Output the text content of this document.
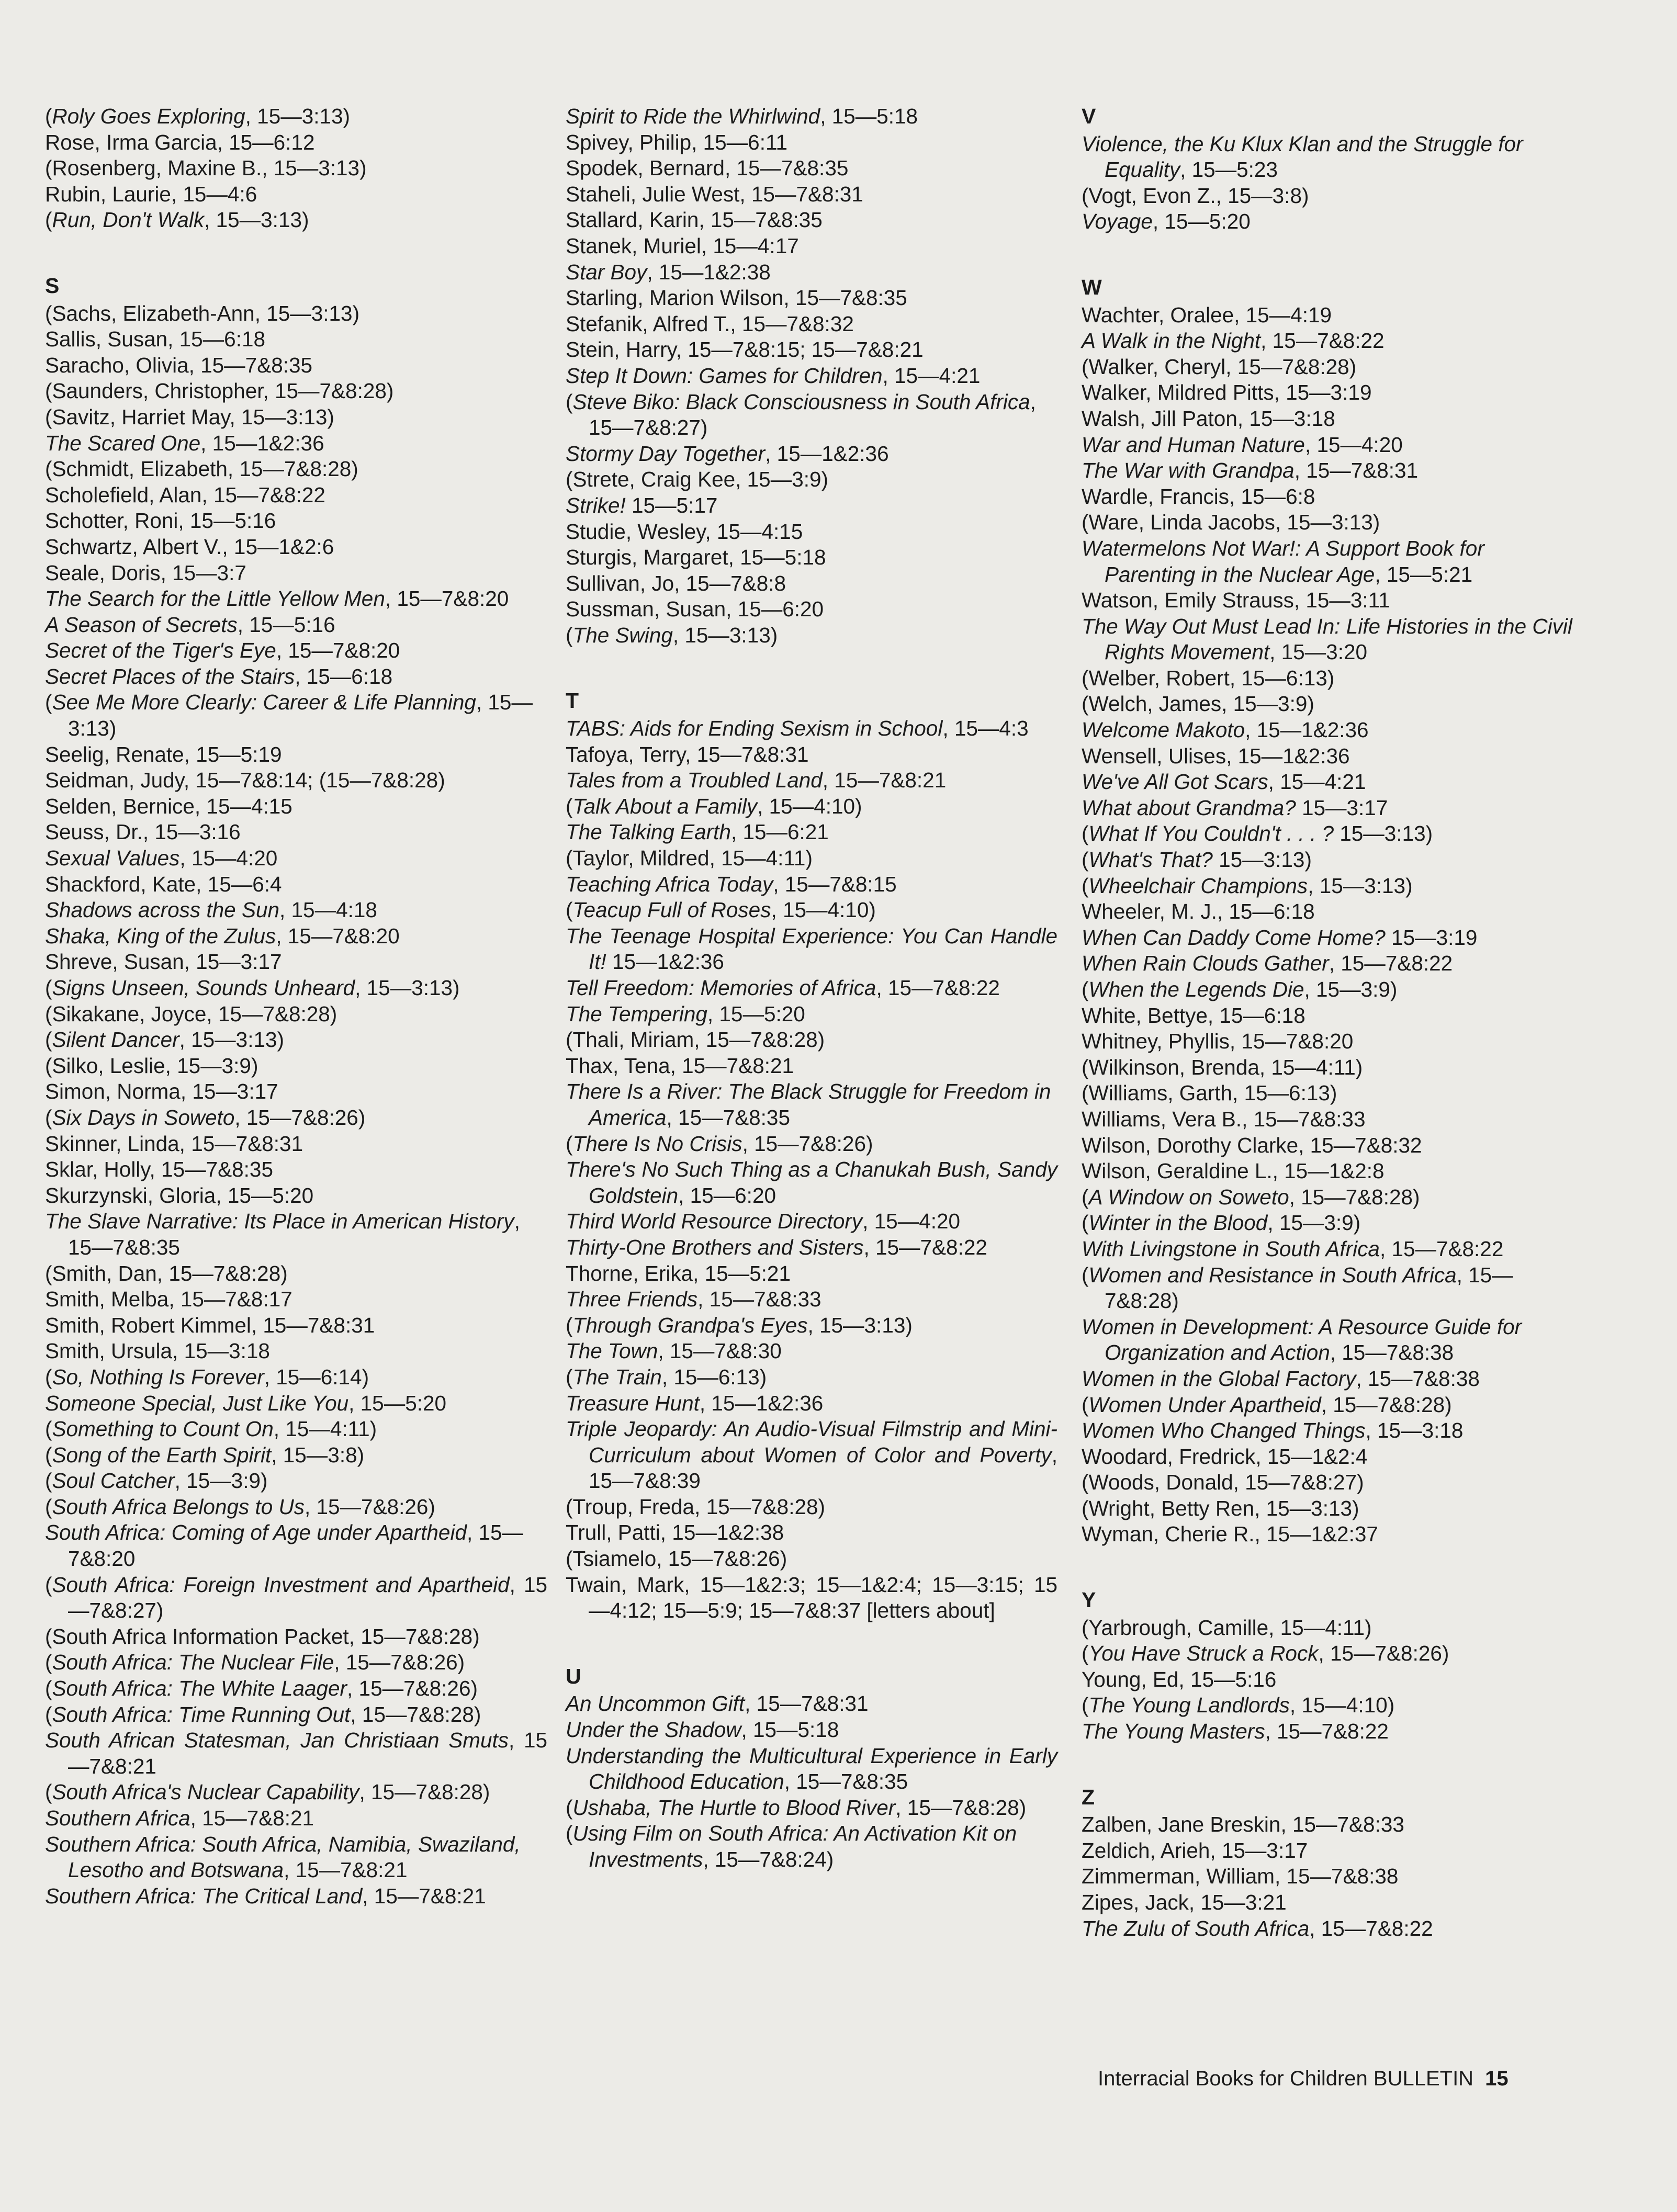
(Roly Goes Exploring, 15—3:13)
Rose, Irma Garcia, 15—6:12
(Rosenberg, Maxine B., 15—3:13)
Rubin, Laurie, 15—4:6
(Run, Don't Walk, 15—3:13)
S
(Sachs, Elizabeth-Ann, 15—3:13)
Sallis, Susan, 15—6:18
Saracho, Olivia, 15—7&8:35
(Saunders, Christopher, 15—7&8:28)
(Savitz, Harriet May, 15—3:13)
The Scared One, 15—1&2:36
(Schmidt, Elizabeth, 15—7&8:28)
Scholefield, Alan, 15—7&8:22
Schotter, Roni, 15—5:16
Schwartz, Albert V., 15—1&2:6
Seale, Doris, 15—3:7
The Search for the Little Yellow Men, 15—7&8:20
A Season of Secrets, 15—5:16
Secret of the Tiger's Eye, 15—7&8:20
Secret Places of the Stairs, 15—6:18
(See Me More Clearly: Career & Life Planning, 15—3:13)
Seelig, Renate, 15—5:19
Seidman, Judy, 15—7&8:14; (15—7&8:28)
Selden, Bernice, 15—4:15
Seuss, Dr., 15—3:16
Sexual Values, 15—4:20
Shackford, Kate, 15—6:4
Shadows across the Sun, 15—4:18
Shaka, King of the Zulus, 15—7&8:20
Shreve, Susan, 15—3:17
(Signs Unseen, Sounds Unheard, 15—3:13)
(Sikakane, Joyce, 15—7&8:28)
(Silent Dancer, 15—3:13)
(Silko, Leslie, 15—3:9)
Simon, Norma, 15—3:17
(Six Days in Soweto, 15—7&8:26)
Skinner, Linda, 15—7&8:31
Sklar, Holly, 15—7&8:35
Skurzynski, Gloria, 15—5:20
The Slave Narrative: Its Place in American History, 15—7&8:35
(Smith, Dan, 15—7&8:28)
Smith, Melba, 15—7&8:17
Smith, Robert Kimmel, 15—7&8:31
Smith, Ursula, 15—3:18
(So, Nothing Is Forever, 15—6:14)
Someone Special, Just Like You, 15—5:20
(Something to Count On, 15—4:11)
(Song of the Earth Spirit, 15—3:8)
(Soul Catcher, 15—3:9)
(South Africa Belongs to Us, 15—7&8:26)
South Africa: Coming of Age under Apartheid, 15—7&8:20
(South Africa: Foreign Investment and Apartheid, 15—7&8:27)
(South Africa Information Packet, 15—7&8:28)
(South Africa: The Nuclear File, 15—7&8:26)
(South Africa: The White Laager, 15—7&8:26)
(South Africa: Time Running Out, 15—7&8:28)
South African Statesman, Jan Christiaan Smuts, 15—7&8:21
(South Africa's Nuclear Capability, 15—7&8:28)
Southern Africa, 15—7&8:21
Southern Africa: South Africa, Namibia, Swaziland, Lesotho and Botswana, 15—7&8:21
Southern Africa: The Critical Land, 15—7&8:21
Spirit to Ride the Whirlwind, 15—5:18
Spivey, Philip, 15—6:11
Spodek, Bernard, 15—7&8:35
Staheli, Julie West, 15—7&8:31
Stallard, Karin, 15—7&8:35
Stanek, Muriel, 15—4:17
Star Boy, 15—1&2:38
Starling, Marion Wilson, 15—7&8:35
Stefanik, Alfred T., 15—7&8:32
Stein, Harry, 15—7&8:15; 15—7&8:21
Step It Down: Games for Children, 15—4:21
(Steve Biko: Black Consciousness in South Africa, 15—7&8:27)
Stormy Day Together, 15—1&2:36
(Strete, Craig Kee, 15—3:9)
Strike! 15—5:17
Studie, Wesley, 15—4:15
Sturgis, Margaret, 15—5:18
Sullivan, Jo, 15—7&8:8
Sussman, Susan, 15—6:20
(The Swing, 15—3:13)
T
TABS: Aids for Ending Sexism in School, 15—4:3
Tafoya, Terry, 15—7&8:31
Tales from a Troubled Land, 15—7&8:21
(Talk About a Family, 15—4:10)
The Talking Earth, 15—6:21
(Taylor, Mildred, 15—4:11)
Teaching Africa Today, 15—7&8:15
(Teacup Full of Roses, 15—4:10)
The Teenage Hospital Experience: You Can Handle It! 15—1&2:36
Tell Freedom: Memories of Africa, 15—7&8:22
The Tempering, 15—5:20
(Thali, Miriam, 15—7&8:28)
Thax, Tena, 15—7&8:21
There Is a River: The Black Struggle for Freedom in America, 15—7&8:35
(There Is No Crisis, 15—7&8:26)
There's No Such Thing as a Chanukah Bush, Sandy Goldstein, 15—6:20
Third World Resource Directory, 15—4:20
Thirty-One Brothers and Sisters, 15—7&8:22
Thorne, Erika, 15—5:21
Three Friends, 15—7&8:33
(Through Grandpa's Eyes, 15—3:13)
The Town, 15—7&8:30
(The Train, 15—6:13)
Treasure Hunt, 15—1&2:36
Triple Jeopardy: An Audio-Visual Filmstrip and Mini-Curriculum about Women of Color and Poverty, 15—7&8:39
(Troup, Freda, 15—7&8:28)
Trull, Patti, 15—1&2:38
(Tsiamelo, 15—7&8:26)
Twain, Mark, 15—1&2:3; 15—1&2:4; 15—3:15; 15—4:12; 15—5:9; 15—7&8:37 [letters about]
U
An Uncommon Gift, 15—7&8:31
Under the Shadow, 15—5:18
Understanding the Multicultural Experience in Early Childhood Education, 15—7&8:35
(Ushaba, The Hurtle to Blood River, 15—7&8:28)
(Using Film on South Africa: An Activation Kit on Investments, 15—7&8:24)
V
Violence, the Ku Klux Klan and the Struggle for Equality, 15—5:23
(Vogt, Evon Z., 15—3:8)
Voyage, 15—5:20
W
Wachter, Oralee, 15—4:19
A Walk in the Night, 15—7&8:22
(Walker, Cheryl, 15—7&8:28)
Walker, Mildred Pitts, 15—3:19
Walsh, Jill Paton, 15—3:18
War and Human Nature, 15—4:20
The War with Grandpa, 15—7&8:31
Wardle, Francis, 15—6:8
(Ware, Linda Jacobs, 15—3:13)
Watermelons Not War!: A Support Book for Parenting in the Nuclear Age, 15—5:21
Watson, Emily Strauss, 15—3:11
The Way Out Must Lead In: Life Histories in the Civil Rights Movement, 15—3:20
(Welber, Robert, 15—6:13)
(Welch, James, 15—3:9)
Welcome Makoto, 15—1&2:36
Wensell, Ulises, 15—1&2:36
We've All Got Scars, 15—4:21
What about Grandma? 15—3:17
(What If You Couldn't . . . ? 15—3:13)
(What's That? 15—3:13)
(Wheelchair Champions, 15—3:13)
Wheeler, M. J., 15—6:18
When Can Daddy Come Home? 15—3:19
When Rain Clouds Gather, 15—7&8:22
(When the Legends Die, 15—3:9)
White, Bettye, 15—6:18
Whitney, Phyllis, 15—7&8:20
(Wilkinson, Brenda, 15—4:11)
(Williams, Garth, 15—6:13)
Williams, Vera B., 15—7&8:33
Wilson, Dorothy Clarke, 15—7&8:32
Wilson, Geraldine L., 15—1&2:8
(A Window on Soweto, 15—7&8:28)
(Winter in the Blood, 15—3:9)
With Livingstone in South Africa, 15—7&8:22
(Women and Resistance in South Africa, 15—7&8:28)
Women in Development: A Resource Guide for Organization and Action, 15—7&8:38
Women in the Global Factory, 15—7&8:38
(Women Under Apartheid, 15—7&8:28)
Women Who Changed Things, 15—3:18
Woodard, Fredrick, 15—1&2:4
(Woods, Donald, 15—7&8:27)
(Wright, Betty Ren, 15—3:13)
Wyman, Cherie R., 15—1&2:37
Y
(Yarbrough, Camille, 15—4:11)
(You Have Struck a Rock, 15—7&8:26)
Young, Ed, 15—5:16
(The Young Landlords, 15—4:10)
The Young Masters, 15—7&8:22
Z
Zalben, Jane Breskin, 15—7&8:33
Zeldich, Arieh, 15—3:17
Zimmerman, William, 15—7&8:38
Zipes, Jack, 15—3:21
The Zulu of South Africa, 15—7&8:22
Interracial Books for Children BULLETIN 15
